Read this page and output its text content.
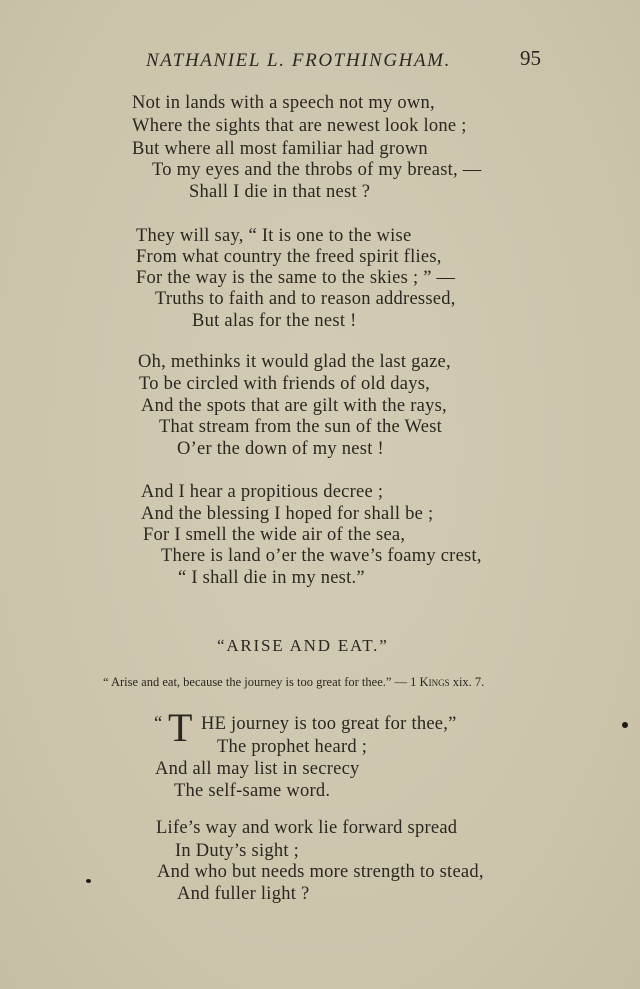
NATHANIEL L. FROTHINGHAM.	95
Not in lands with a speech not my own,
Where the sights that are newest look lone ;
But where all most familiar had grown
To my eyes and the throbs of my breast, —
Shall I die in that nest ?
They will say, “ It is one to the wise
From what country the freed spirit flies,
For the way is the same to the skies ; ” —
Truths to faith and to reason addressed,
But alas for the nest !
Oh, methinks it would glad the last gaze,
To be circled with friends of old days,
And the spots that are gilt with the rays,
That stream from the sun of the West
O’er the down of my nest !
And I hear a propitious decree ;
And the blessing I hoped for shall be ;
For I smell the wide air of the sea,
There is land o’er the wave’s foamy crest,
“ I shall die in my nest.”
“ARISE AND EAT.”
“ Arise and eat, because the journey is too great for thee.” — 1 Kings xix. 7.
“ T HE journey is too great for thee,”
The prophet heard ;
And all may list in secrecy
The self-same word.
Life’s way and work lie forward spread
In Duty’s sight ;
And who but needs more strength to stead,
And fuller light ?
